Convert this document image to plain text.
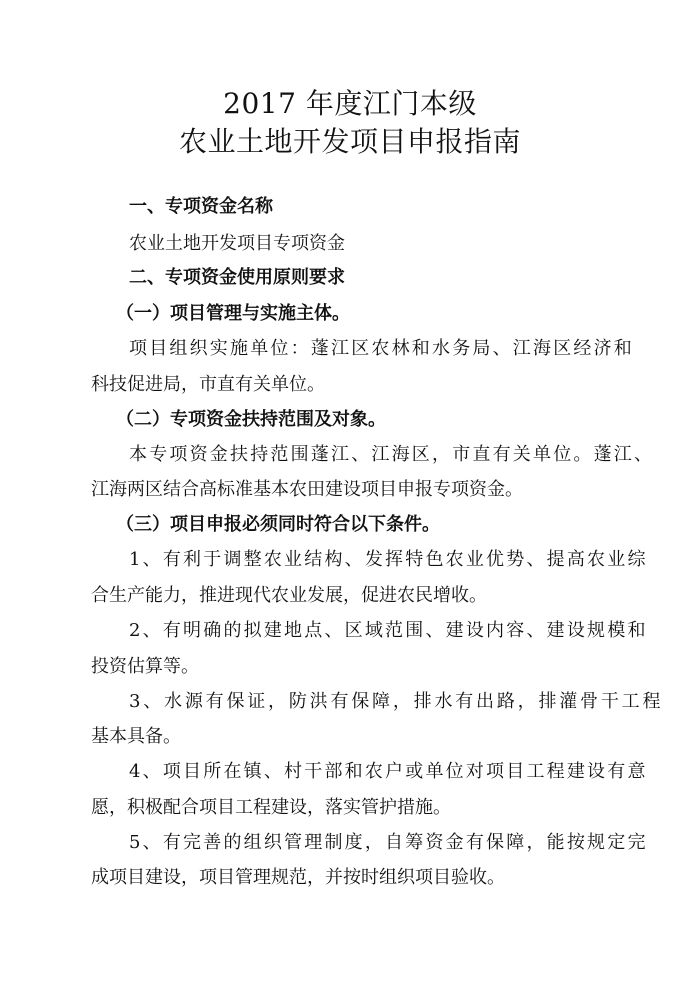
2017 年度江门本级
农业土地开发项目申报指南
一、专项资金名称
农业土地开发项目专项资金
二、专项资金使用原则要求
（一）项目管理与实施主体。
项目组织实施单位：蓬江区农林和水务局、江海区经济和
科技促进局，市直有关单位。
（二）专项资金扶持范围及对象。
本专项资金扶持范围蓬江、江海区，市直有关单位。蓬江、
江海两区结合高标准基本农田建设项目申报专项资金。
（三）项目申报必须同时符合以下条件。
1、有利于调整农业结构、发挥特色农业优势、提高农业综
合生产能力，推进现代农业发展，促进农民增收。
2、有明确的拟建地点、区域范围、建设内容、建设规模和
投资估算等。
3、水源有保证，防洪有保障，排水有出路，排灌骨干工程
基本具备。
4、项目所在镇、村干部和农户或单位对项目工程建设有意
愿，积极配合项目工程建设，落实管护措施。
5、有完善的组织管理制度，自筹资金有保障，能按规定完
成项目建设，项目管理规范，并按时组织项目验收。
